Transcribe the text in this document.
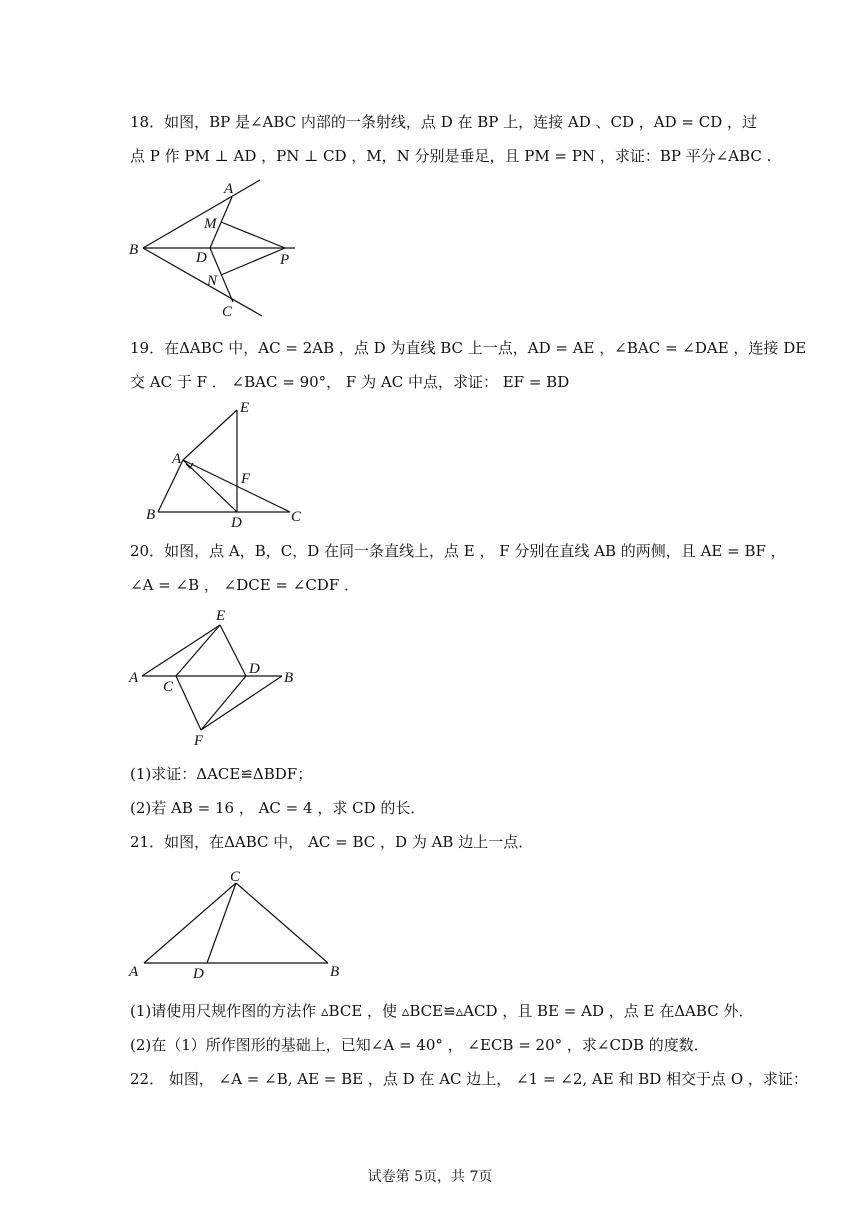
18．如图，BP 是∠ABC 内部的一条射线，点 D 在 BP 上，连接 AD 、CD ，AD = CD ，过
点 P 作 PM ⊥ AD ，PN ⊥ CD ，M，N 分别是垂足，且 PM = PN ，求证：BP 平分∠ABC .
A
M
B	D	P
N
C
19．在ΔABC 中，AC = 2AB ，点 D 为直线 BC 上一点，AD = AE ，∠BAC = ∠DAE ，连接 DE
交 AC 于 F ． ∠BAC = 90°， F 为 AC 中点，求证： EF = BD
E
A
F
B	D	C
20．如图，点 A，B，C，D 在同一条直线上，点 E ， F 分别在直线 AB 的两侧，且 AE = BF ，
∠A = ∠B ， ∠DCE = ∠CDF ．
E
A
C
D
B
F
(1)求证：ΔACE≌ΔBDF；
(2)若 AB = 16 ， AC = 4 ，求 CD 的长．
21．如图，在ΔABC 中， AC = BC ，D 为 AB 边上一点．
C
A	D	B
(1)请使用尺规作图的方法作 ▵BCE ，使 ▵BCE≌▵ACD ，且 BE = AD ，点 E 在ΔABC 外．
(2)在（1）所作图形的基础上，已知∠A = 40° ， ∠ECB = 20° ，求∠CDB 的度数．
22． 如图， ∠A = ∠B, AE = BE ，点 D 在 AC 边上， ∠1 = ∠2, AE 和 BD 相交于点 O ，求证：
试卷第 5页，共 7页
